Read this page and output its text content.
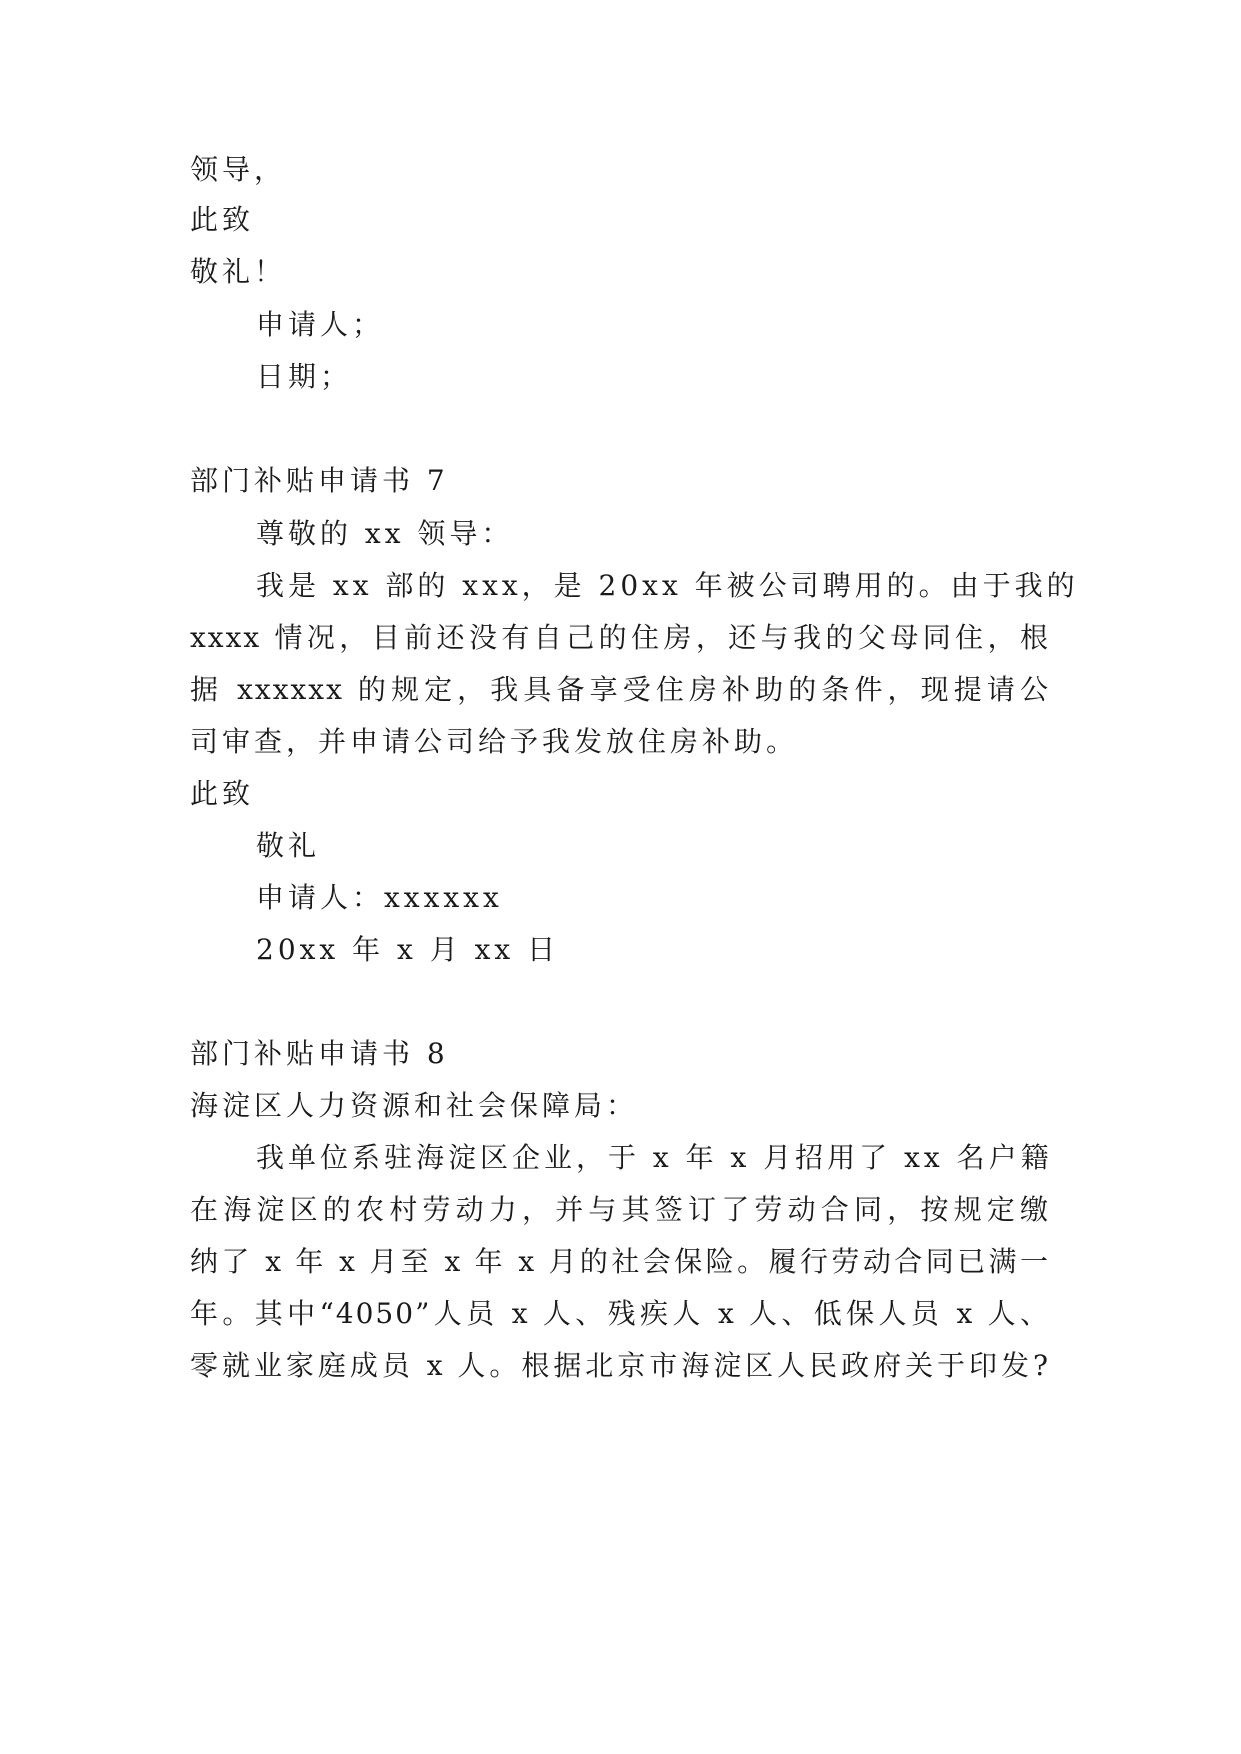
领导，
此致
敬礼！
申请人；
日期；
部门补贴申请书 7
尊敬的 xx 领导：
我是 xx 部的 xxx，是 20xx 年被公司聘用的。由于我的
xxxx 情况，目前还没有自己的住房，还与我的父母同住，根
据 xxxxxx 的规定，我具备享受住房补助的条件，现提请公
司审查，并申请公司给予我发放住房补助。
此致
敬礼
申请人：xxxxxx
20xx 年 x 月 xx 日
部门补贴申请书 8
海淀区人力资源和社会保障局：
我单位系驻海淀区企业，于 x 年 x 月招用了 xx 名户籍
在海淀区的农村劳动力，并与其签订了劳动合同，按规定缴
纳了 x 年 x 月至 x 年 x 月的社会保险。履行劳动合同已满一
年。其中“4050”人员 x 人、残疾人 x 人、低保人员 x 人、
零就业家庭成员 x 人。根据北京市海淀区人民政府关于印发?
